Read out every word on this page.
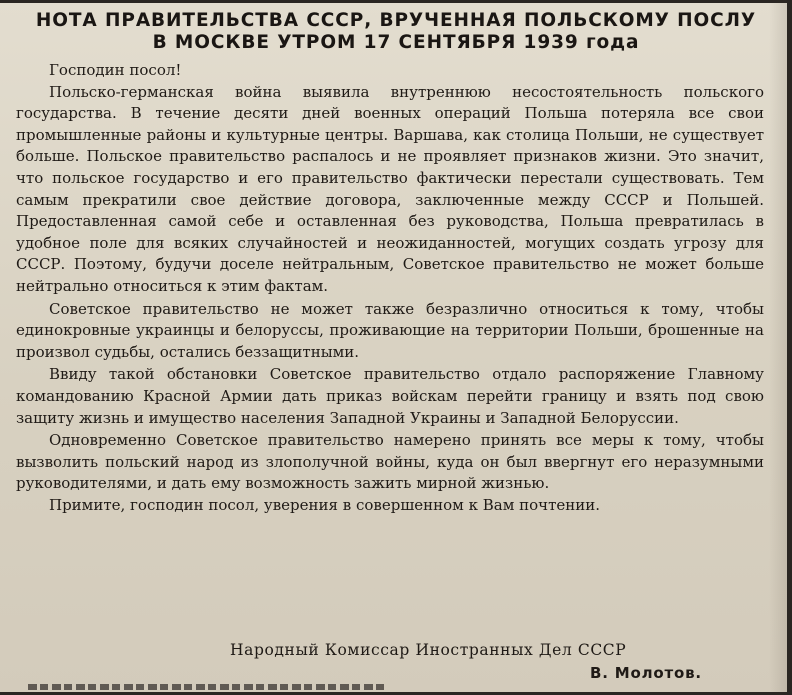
НОТА ПРАВИТЕЛЬСТВА СССР, ВРУЧЕННАЯ ПОЛЬСКОМУ ПОСЛУ
В МОСКВЕ УТРОМ 17 СЕНТЯБРЯ 1939 года

Господин посол!

Польско-германская война выявила внутреннюю несостоятельность польского государства. В течение десяти дней военных операций Польша потеряла все свои промышленные районы и культурные центры. Варшава, как столица Польши, не существует больше. Польское правительство распалось и не проявляет признаков жизни. Это значит, что польское государство и его правительство фактически перестали существовать. Тем самым прекратили свое действие договора, заключенные между СССР и Польшей. Предоставленная самой себе и оставленная без руководства, Польша превратилась в удобное поле для всяких случайностей и неожиданностей, могущих создать угрозу для СССР. Поэтому, будучи доселе нейтральным, Советское правительство не может больше нейтрально относиться к этим фактам.

Советское правительство не может также безразлично относиться к тому, чтобы единокровные украинцы и белоруссы, проживающие на территории Польши, брошенные на произвол судьбы, остались беззащитными.

Ввиду такой обстановки Советское правительство отдало распоряжение Главному командованию Красной Армии дать приказ войскам перейти границу и взять под свою защиту жизнь и имущество населения Западной Украины и Западной Белоруссии.

Одновременно Советское правительство намерено принять все меры к тому, чтобы вызволить польский народ из злополучной войны, куда он был ввергнут его неразумными руководителями, и дать ему возможность зажить мирной жизнью.

Примите, господин посол, уверения в совершенном к Вам почтении.

Народный Комиссар Иностранных Дел СССР
В. Молотов.
